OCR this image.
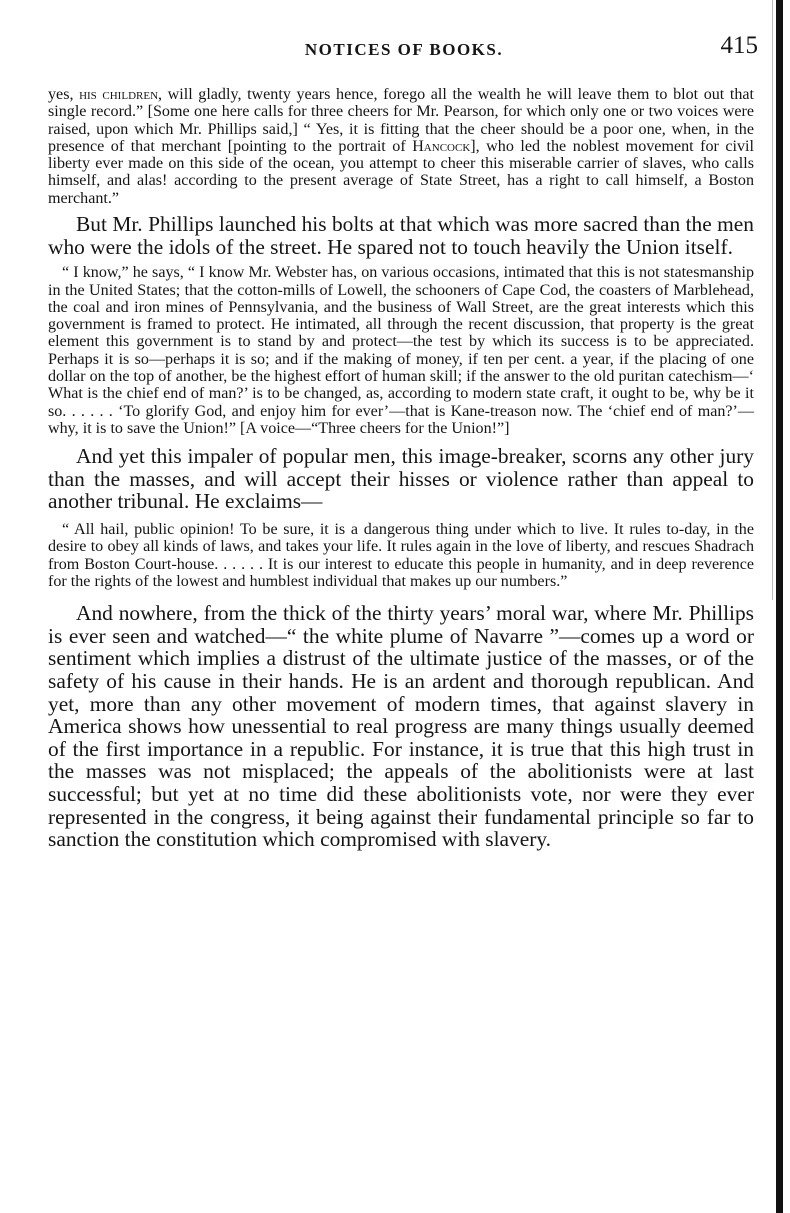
NOTICES OF BOOKS.	415

yes, his children, will gladly, twenty years hence, forego all the wealth he will leave them to blot out that single record.” [Some one here calls for three cheers for Mr. Pearson, for which only one or two voices were raised, upon which Mr. Phillips said,] “ Yes, it is fitting that the cheer should be a poor one, when, in the presence of that merchant [pointing to the portrait of Hancock], who led the noblest movement for civil liberty ever made on this side of the ocean, you attempt to cheer this miserable carrier of slaves, who calls himself, and alas! according to the present average of State Street, has a right to call himself, a Boston merchant.”

But Mr. Phillips launched his bolts at that which was more sacred than the men who were the idols of the street. He spared not to touch heavily the Union itself.

“ I know,” he says, “ I know Mr. Webster has, on various occasions, intimated that this is not statesmanship in the United States; that the cotton-mills of Lowell, the schooners of Cape Cod, the coasters of Marblehead, the coal and iron mines of Pennsylvania, and the business of Wall Street, are the great interests which this government is framed to protect. He intimated, all through the recent discussion, that property is the great element this government is to stand by and protect—the test by which its success is to be appreciated. Perhaps it is so—perhaps it is so; and if the making of money, if ten per cent. a year, if the placing of one dollar on the top of another, be the highest effort of human skill; if the answer to the old puritan catechism—‘ What is the chief end of man?’ is to be changed, as, according to modern state craft, it ought to be, why be it so. . . . . . ‘To glorify God, and enjoy him for ever’—that is Kane-treason now. The ‘chief end of man?’—why, it is to save the Union!” [A voice—“Three cheers for the Union!”]

And yet this impaler of popular men, this image-breaker, scorns any other jury than the masses, and will accept their hisses or violence rather than appeal to another tribunal. He exclaims—

“ All hail, public opinion! To be sure, it is a dangerous thing under which to live. It rules to-day, in the desire to obey all kinds of laws, and takes your life. It rules again in the love of liberty, and rescues Shadrach from Boston Court-house. . . . . . It is our interest to educate this people in humanity, and in deep reverence for the rights of the lowest and humblest individual that makes up our numbers.”

And nowhere, from the thick of the thirty years’ moral war, where Mr. Phillips is ever seen and watched—“ the white plume of Navarre ”—comes up a word or sentiment which implies a distrust of the ultimate justice of the masses, or of the safety of his cause in their hands. He is an ardent and thorough republican. And yet, more than any other movement of modern times, that against slavery in America shows how unessential to real progress are many things usually deemed of the first importance in a republic. For instance, it is true that this high trust in the masses was not misplaced; the appeals of the abolitionists were at last successful; but yet at no time did these abolitionists vote, nor were they ever represented in the congress, it being against their fundamental principle so far to sanction the constitution which compromised with slavery.
